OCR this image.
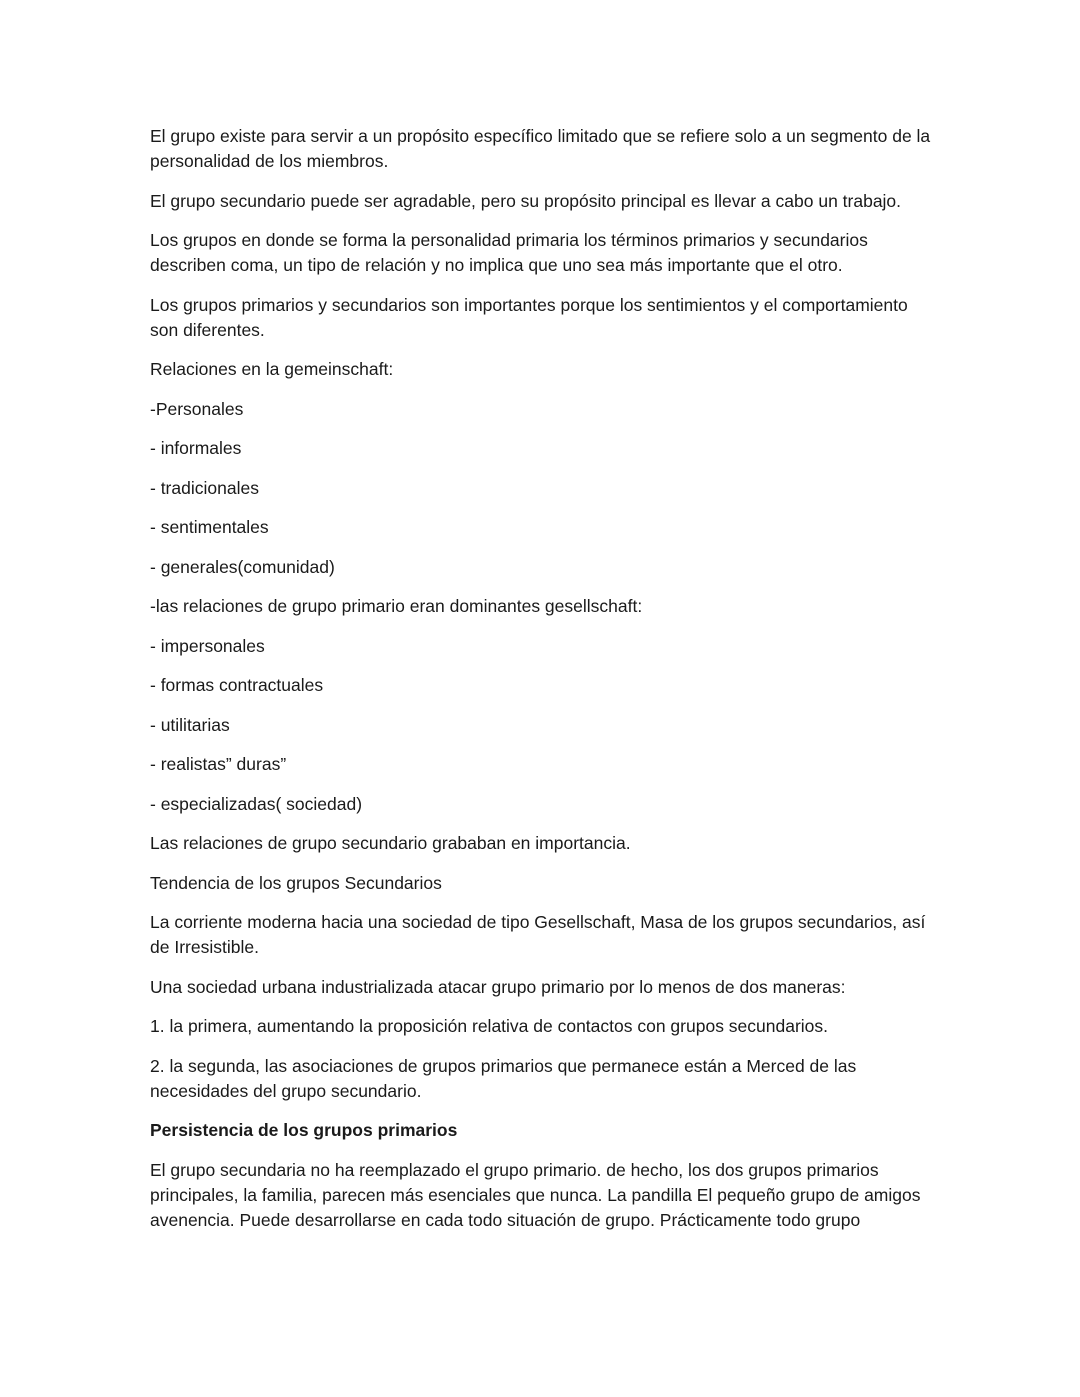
El grupo existe para servir a un propósito específico limitado que se refiere solo a un segmento de la personalidad de los miembros.

El grupo secundario puede ser agradable, pero su propósito principal es llevar a cabo un trabajo.

Los grupos en donde se forma la personalidad primaria los términos primarios y secundarios describen coma, un tipo de relación y no implica que uno sea más importante que el otro.

Los grupos primarios y secundarios son importantes porque los sentimientos y el comportamiento son diferentes.

Relaciones en la gemeinschaft:

-Personales

- informales

- tradicionales

- sentimentales

- generales(comunidad)

-las relaciones de grupo primario eran dominantes gesellschaft:

- impersonales

- formas contractuales

- utilitarias

- realistas” duras”

- especializadas( sociedad)

Las relaciones de grupo secundario grababan en importancia.

Tendencia de los grupos Secundarios

La corriente moderna hacia una sociedad de tipo Gesellschaft, Masa de los grupos secundarios, así de Irresistible.

Una sociedad urbana industrializada atacar grupo primario por lo menos de dos maneras:

1. la primera, aumentando la proposición relativa de contactos con grupos secundarios.

2. la segunda, las asociaciones de grupos primarios que permanece están a Merced de las necesidades del grupo secundario.

Persistencia de los grupos primarios

El grupo secundaria no ha reemplazado el grupo primario. de hecho, los dos grupos primarios principales, la familia, parecen más esenciales que nunca. La pandilla El pequeño grupo de amigos avenencia. Puede desarrollarse en cada todo situación de grupo. Prácticamente todo grupo
